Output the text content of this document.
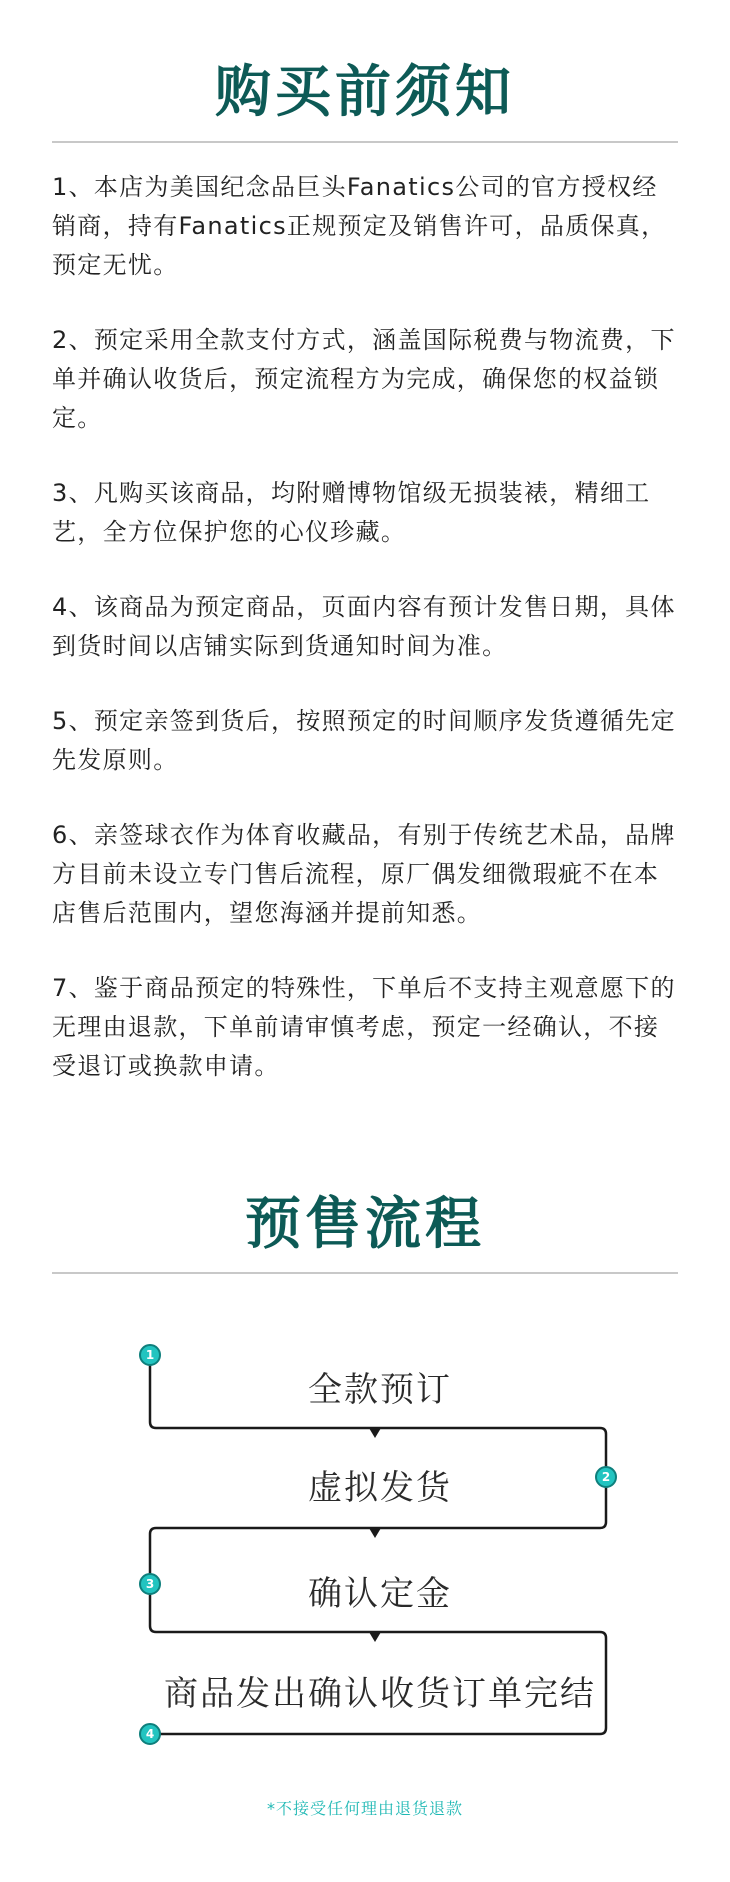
购买前须知
1、本店为美国纪念品巨头Fanatics公司的官方授权经销商，持有Fanatics正规预定及销售许可，品质保真，预定无忧。
2、预定采用全款支付方式，涵盖国际税费与物流费，下单并确认收货后，预定流程方为完成，确保您的权益锁定。
3、凡购买该商品，均附赠博物馆级无损装裱，精细工艺，全方位保护您的心仪珍藏。
4、该商品为预定商品，页面内容有预计发售日期，具体到货时间以店铺实际到货通知时间为准。
5、预定亲签到货后，按照预定的时间顺序发货遵循先定先发原则。
6、亲签球衣作为体育收藏品，有别于传统艺术品，品牌方目前未设立专门售后流程，原厂偶发细微瑕疵不在本店售后范围内，望您海涵并提前知悉。
7、鉴于商品预定的特殊性，下单后不支持主观意愿下的无理由退款，下单前请审慎考虑，预定一经确认，不接受退订或换款申请。
预售流程
全款预订
虚拟发货
确认定金
商品发出确认收货订单完结
1
2
3
4
*不接受任何理由退货退款
